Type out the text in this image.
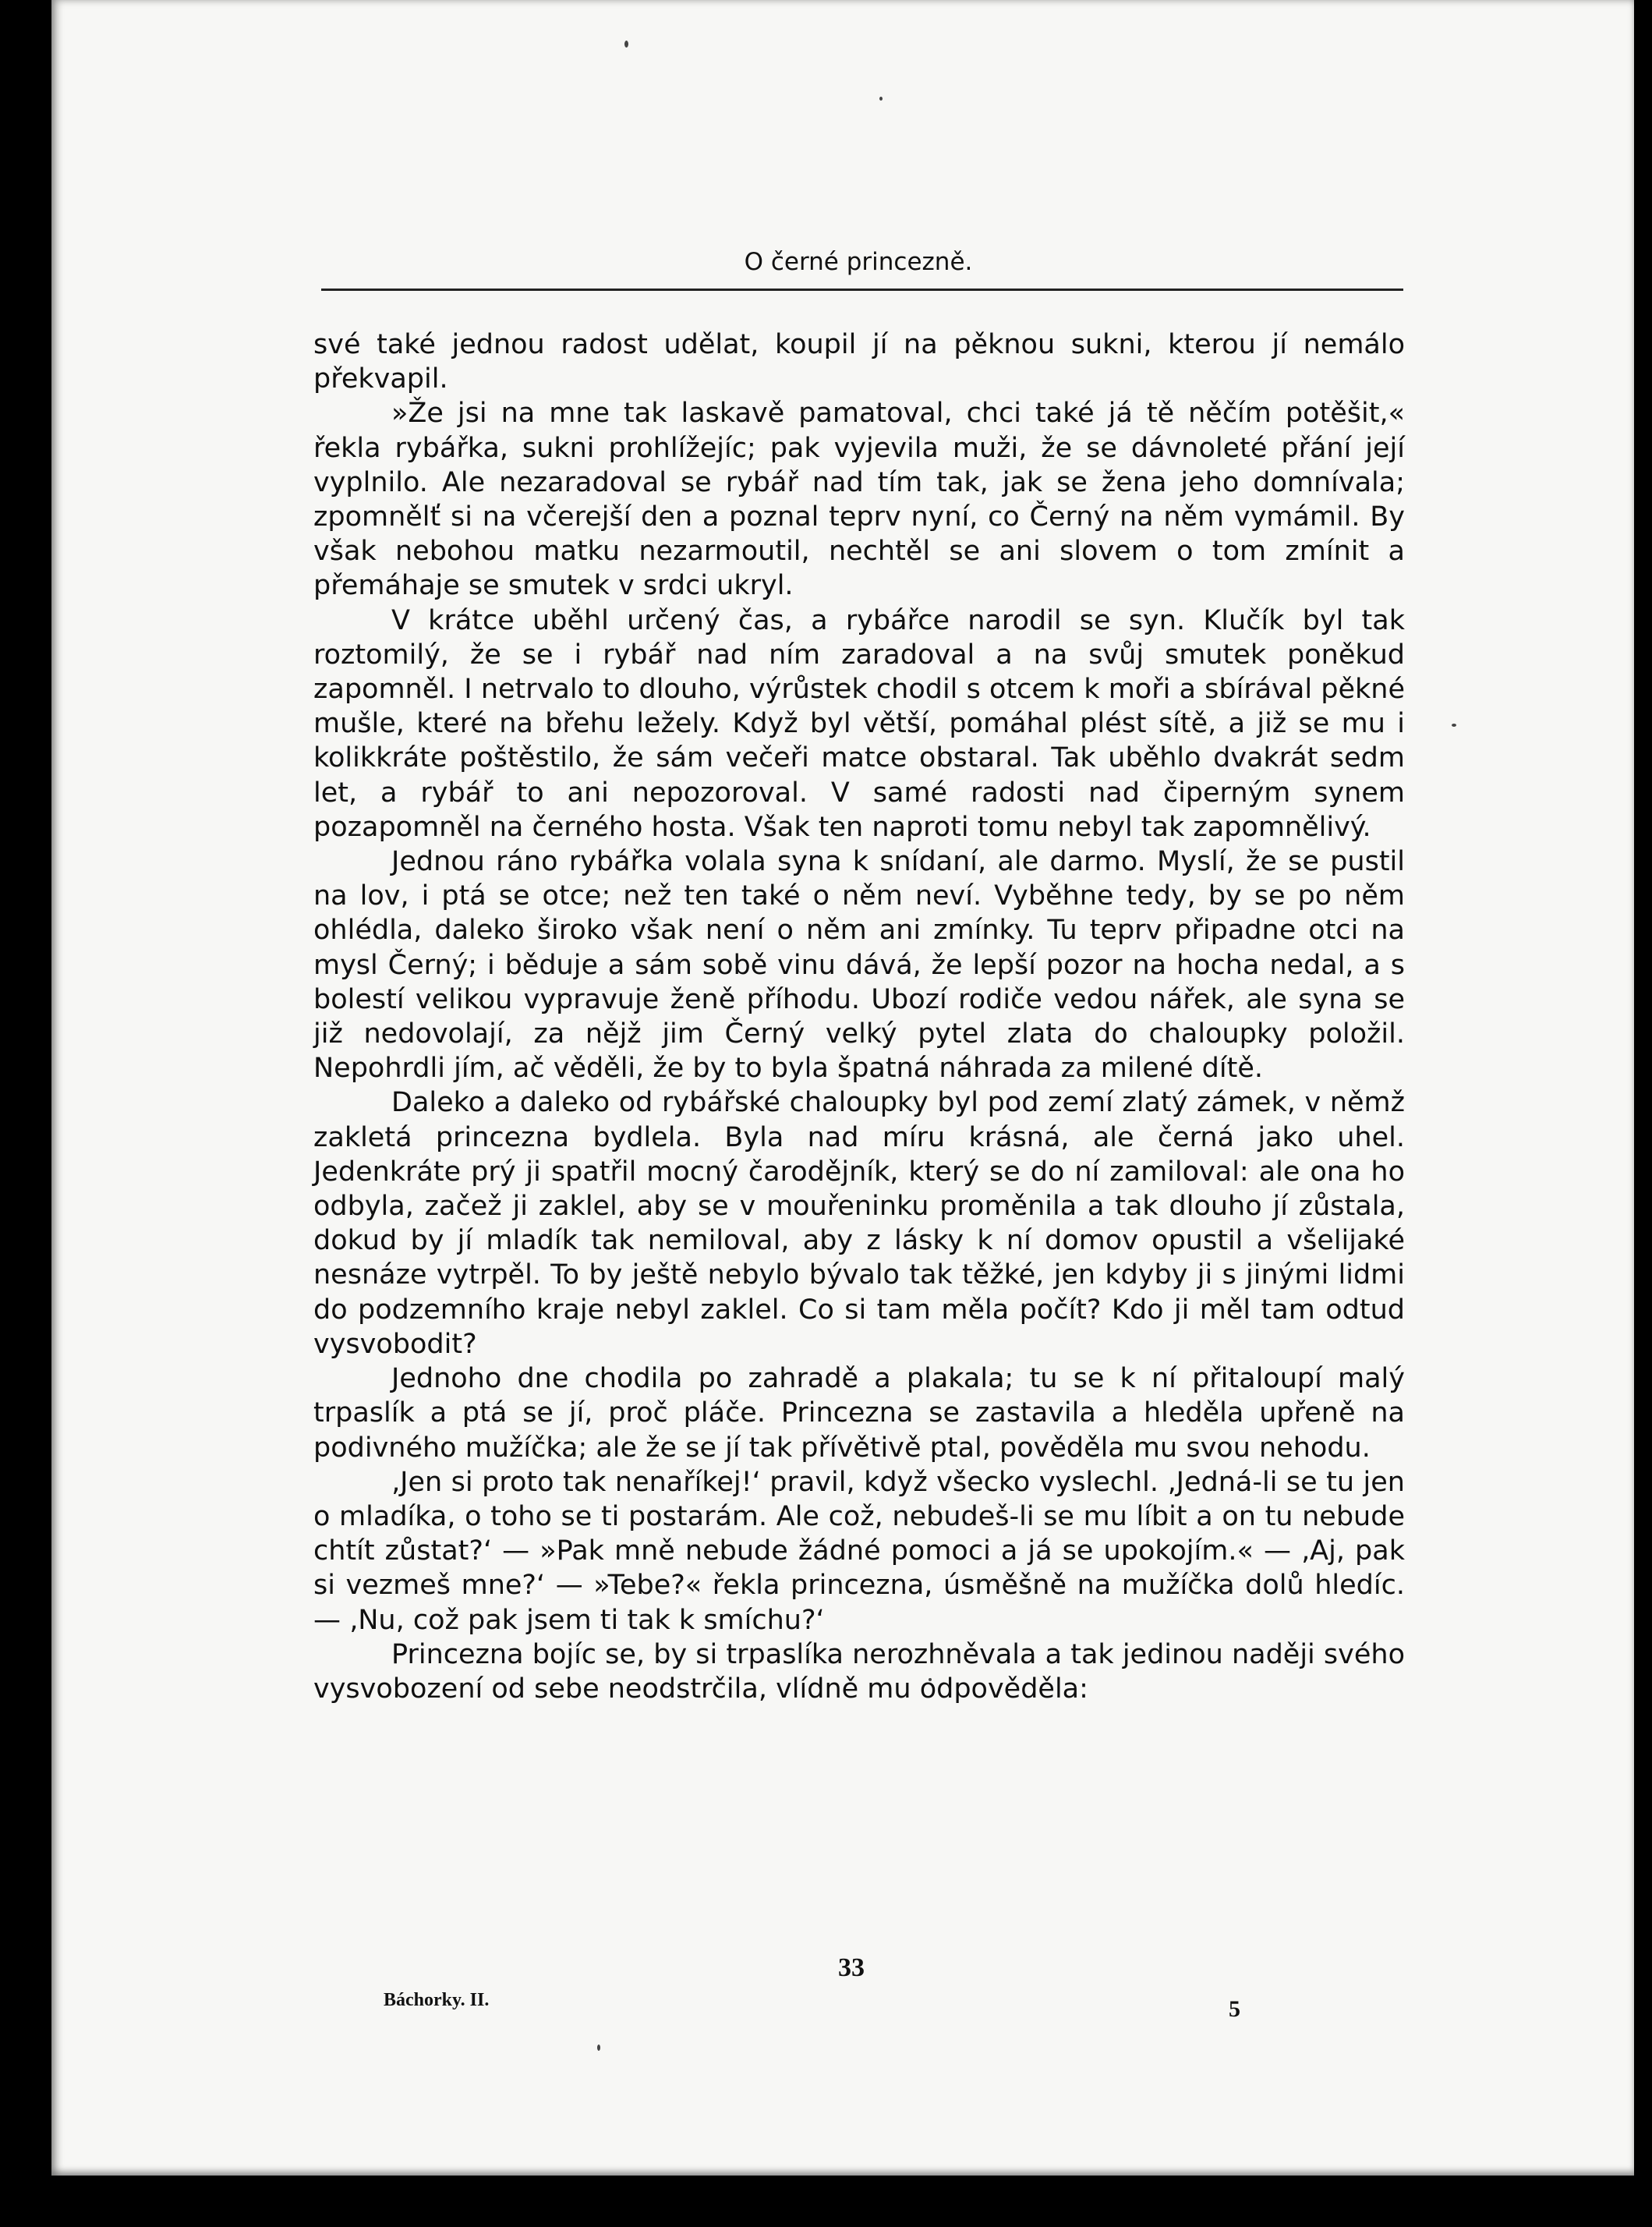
O černé princezně.

své také jednou radost udělat, koupil jí na pěknou sukni, kterou jí nemálo překvapil.

»Že jsi na mne tak laskavě pamatoval, chci také já tě něčím potěšit,« řekla rybářka, sukni prohlížejíc; pak vyjevila muži, že se dávnoleté přání její vyplnilo. Ale nezaradoval se rybář nad tím tak, jak se žena jeho domnívala; zpomnělť si na včerejší den a poznal teprv nyní, co Černý na něm vymámil. By však nebohou matku nezarmoutil, nechtěl se ani slovem o tom zmínit a přemáhaje se smutek v srdci ukryl.

V krátce uběhl určený čas, a rybářce narodil se syn. Klučík byl tak roztomilý, že se i rybář nad ním zaradoval a na svůj smutek poněkud zapomněl. I netrvalo to dlouho, výrůstek chodil s otcem k moři a sbírával pěkné mušle, které na břehu ležely. Když byl větší, pomáhal plést sítě, a již se mu i kolikkráte poštěstilo, že sám večeři matce obstaral. Tak uběhlo dvakrát sedm let, a rybář to ani nepozoroval. V samé radosti nad čiperným synem pozapomněl na černého hosta. Však ten naproti tomu nebyl tak zapomnělivý.

Jednou ráno rybářka volala syna k snídaní, ale darmo. Myslí, že se pustil na lov, i ptá se otce; než ten také o něm neví. Vyběhne tedy, by se po něm ohlédla, daleko široko však není o něm ani zmínky. Tu teprv připadne otci na mysl Černý; i běduje a sám sobě vinu dává, že lepší pozor na hocha nedal, a s bolestí velikou vypravuje ženě příhodu. Ubozí rodiče vedou nářek, ale syna se již nedovolají, za nějž jim Černý velký pytel zlata do chaloupky položil. Nepohrdli jím, ač věděli, že by to byla špatná náhrada za milené dítě.

Daleko a daleko od rybářské chaloupky byl pod zemí zlatý zámek, v němž zakletá princezna bydlela. Byla nad míru krásná, ale černá jako uhel. Jedenkráte prý ji spatřil mocný čarodějník, který se do ní zamiloval: ale ona ho odbyla, začež ji zaklel, aby se v mouřeninku proměnila a tak dlouho jí zůstala, dokud by jí mladík tak nemiloval, aby z lásky k ní domov opustil a všelijaké nesnáze vytrpěl. To by ještě nebylo bývalo tak těžké, jen kdyby ji s jinými lidmi do podzemního kraje nebyl zaklel. Co si tam měla počít? Kdo ji měl tam odtud vysvobodit?

Jednoho dne chodila po zahradě a plakala; tu se k ní přitaloupí malý trpaslík a ptá se jí, proč pláče. Princezna se zastavila a hleděla upřeně na podivného mužíčka; ale že se jí tak přívětivě ptal, pověděla mu svou nehodu.

‚Jen si proto tak nenaříkej!‘ pravil, když všecko vyslechl. ‚Jedná-li se tu jen o mladíka, o toho se ti postarám. Ale což, nebudeš-li se mu líbit a on tu nebude chtít zůstat?‘ — »Pak mně nebude žádné pomoci a já se upokojím.« — ‚Aj, pak si vezmeš mne?‘ — »Tebe?« řekla princezna, úsměšně na mužíčka dolů hledíc. — ‚Nu, což pak jsem ti tak k smíchu?‘

Princezna bojíc se, by si trpaslíka nerozhněvala a tak jedinou naději svého vysvobození od sebe neodstrčila, vlídně mu odpověděla:

33
Báchorky. II.	5
